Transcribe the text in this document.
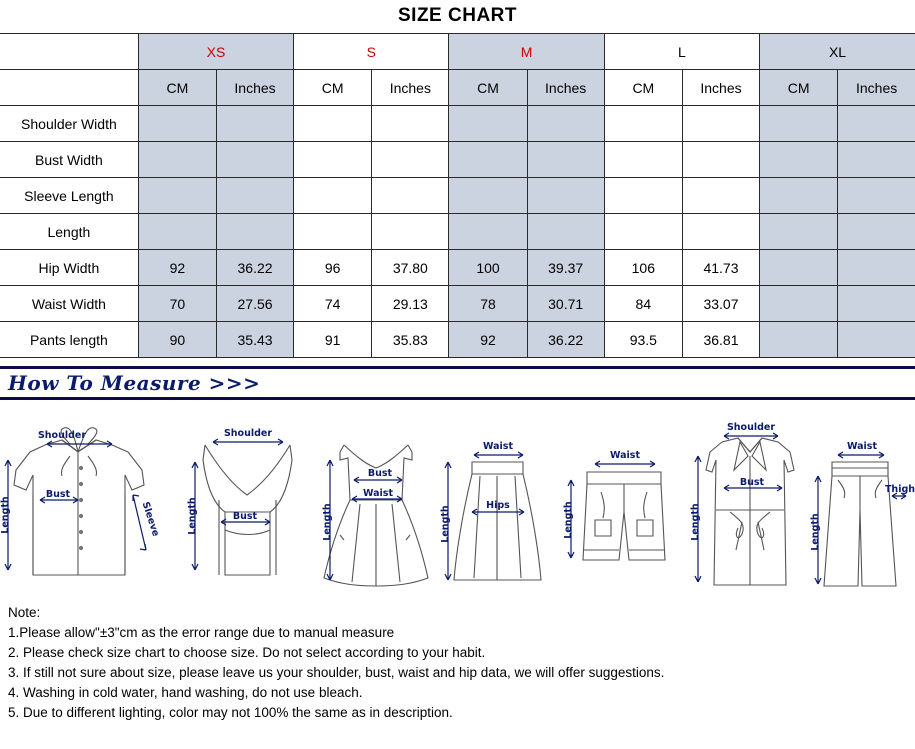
SIZE CHART
	XS		S		M		L		XL	
	CM	Inches	CM	Inches	CM	Inches	CM	Inches	CM	Inches
Shoulder Width										
Bust Width										
Sleeve Length										
Length										
Hip Width	92	36.22	96	37.80	100	39.37	106	41.73		
Waist Width	70	27.56	74	29.13	78	30.71	84	33.07		
Pants length	90	35.43	91	35.83	92	36.22	93.5	36.81		
How To Measure >>>
Shoulder
Bust
Sleeve
Length
Shoulder
Bust
Length
Bust
Waist
Length
Waist
Hips
Length
Waist
Length
Shoulder
Bust
Length
Waist
Thigh
Length
Note:
1.Please allow"±3"cm as the error range due to manual measure
2. Please check size chart to choose size. Do not select according to your habit.
3. If still not sure about size, please leave us your shoulder, bust, waist and hip data, we will offer suggestions.
4. Washing in cold water, hand washing, do not use bleach.
5. Due to different lighting, color may not 100% the same as in description.
